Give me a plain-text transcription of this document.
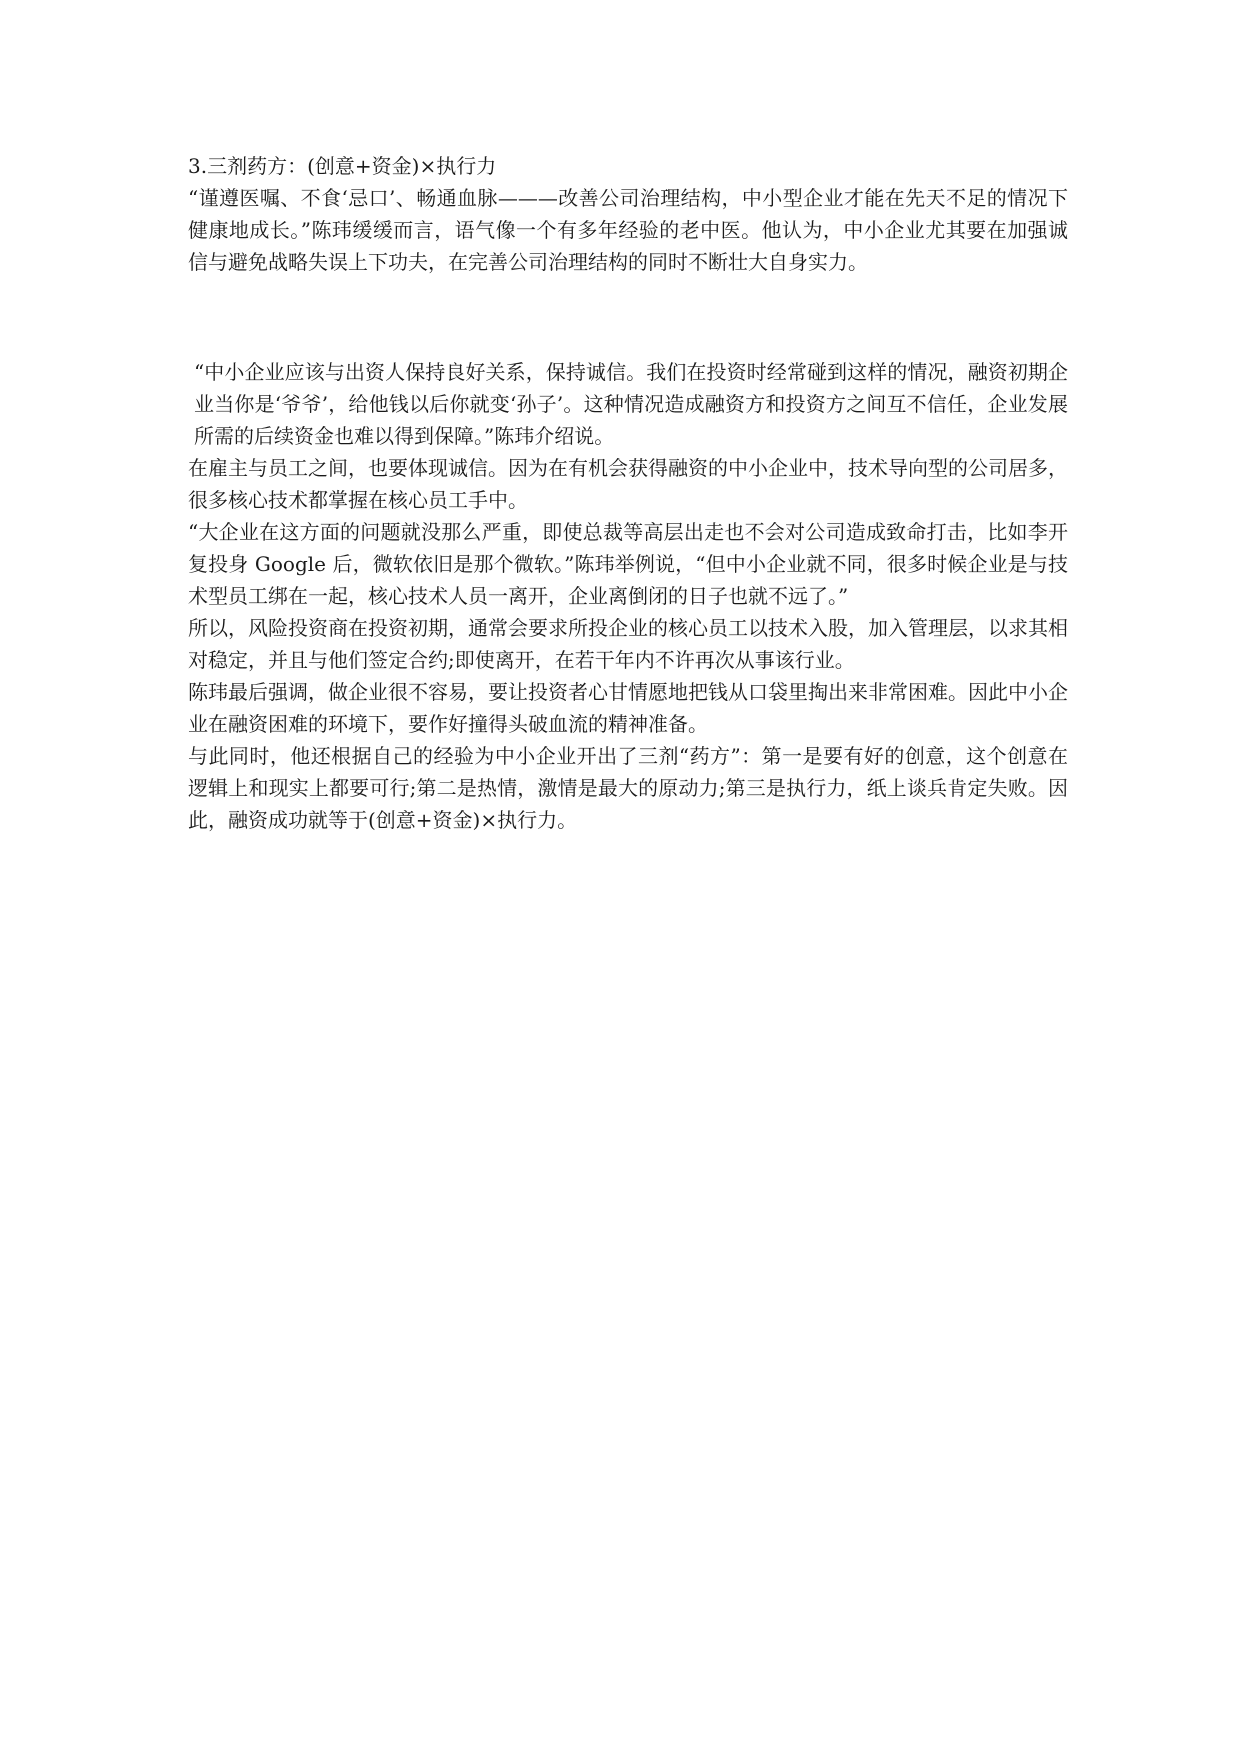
3.三剂药方：(创意+资金)×执行力

“谨遵医嘱、不食‘忌口’、畅通血脉———改善公司治理结构，中小型企业才能在先天不足的情况下健康地成长。”陈玮缓缓而言，语气像一个有多年经验的老中医。他认为，中小企业尤其要在加强诚信与避免战略失误上下功夫，在完善公司治理结构的同时不断壮大自身实力。

“中小企业应该与出资人保持良好关系，保持诚信。我们在投资时经常碰到这样的情况，融资初期企业当你是‘爷爷’，给他钱以后你就变‘孙子’。这种情况造成融资方和投资方之间互不信任，企业发展所需的后续资金也难以得到保障。”陈玮介绍说。

在雇主与员工之间，也要体现诚信。因为在有机会获得融资的中小企业中，技术导向型的公司居多，很多核心技术都掌握在核心员工手中。

“大企业在这方面的问题就没那么严重，即使总裁等高层出走也不会对公司造成致命打击，比如李开复投身 Google 后，微软依旧是那个微软。”陈玮举例说，“但中小企业就不同，很多时候企业是与技术型员工绑在一起，核心技术人员一离开，企业离倒闭的日子也就不远了。”

所以，风险投资商在投资初期，通常会要求所投企业的核心员工以技术入股，加入管理层，以求其相对稳定，并且与他们签定合约;即使离开，在若干年内不许再次从事该行业。

陈玮最后强调，做企业很不容易，要让投资者心甘情愿地把钱从口袋里掏出来非常困难。因此中小企业在融资困难的环境下，要作好撞得头破血流的精神准备。

与此同时，他还根据自己的经验为中小企业开出了三剂“药方”：第一是要有好的创意，这个创意在逻辑上和现实上都要可行;第二是热情，激情是最大的原动力;第三是执行力，纸上谈兵肯定失败。因此，融资成功就等于(创意+资金)×执行力。
